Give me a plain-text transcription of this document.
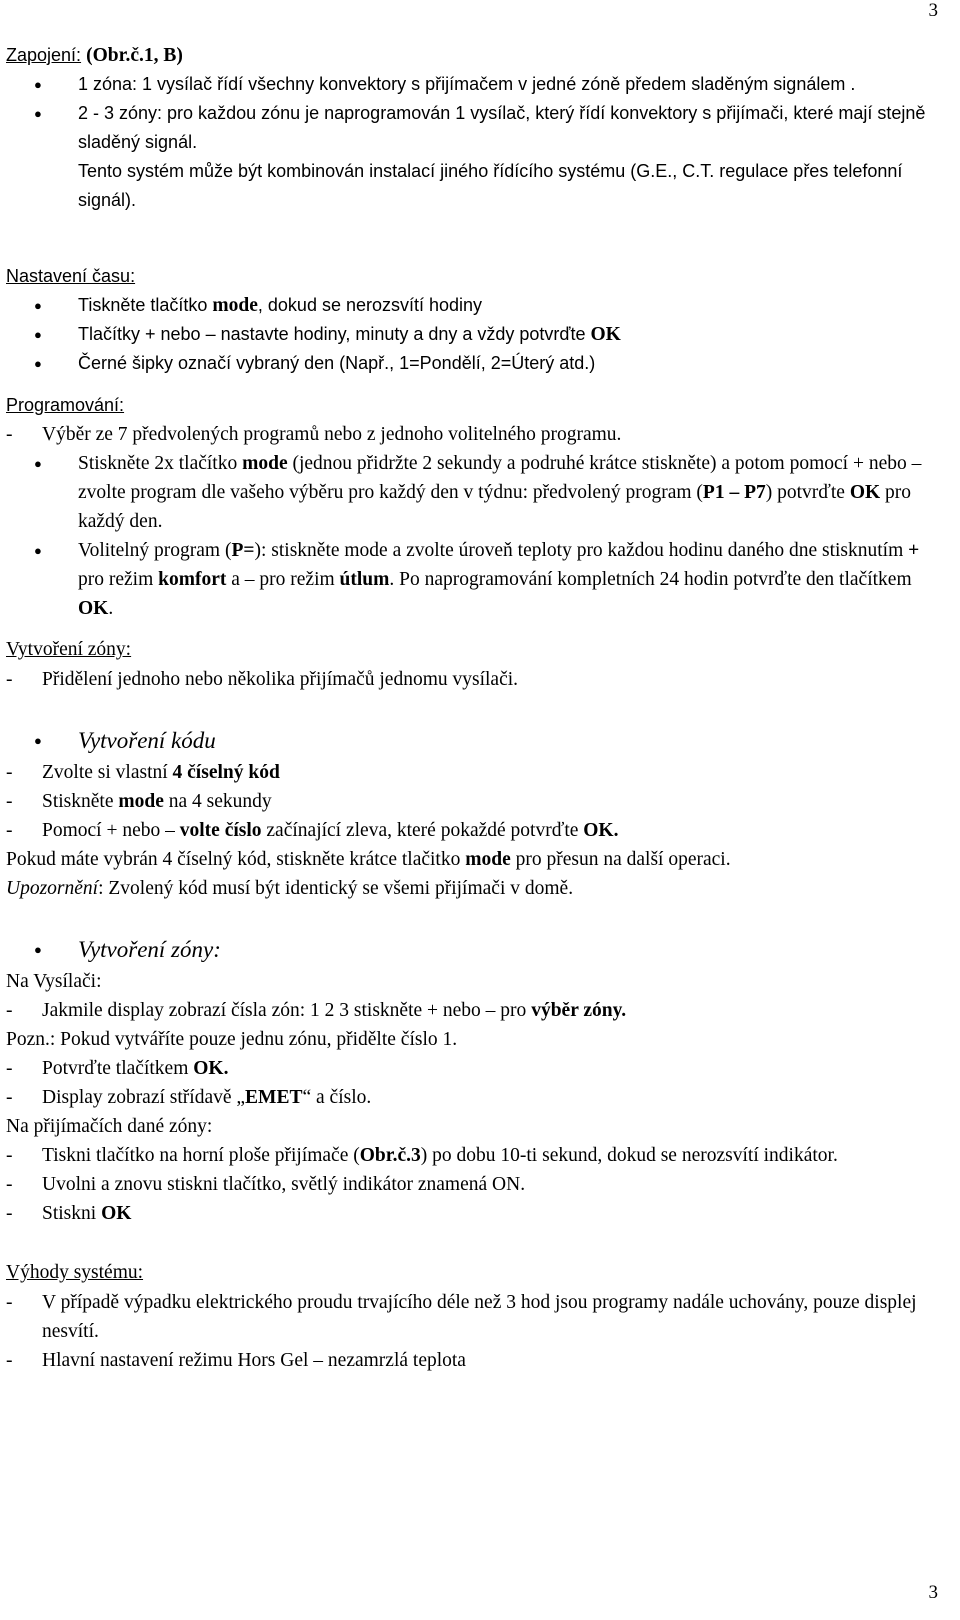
3
Zapojení: (Obr.č.1, B)
● 1 zóna: 1 vysílač řídí všechny konvektory s přijímačem v jedné zóně předem sladěným signálem .
● 2 - 3 zóny: pro každou zónu je naprogramován 1 vysílač, který řídí konvektory s přijímači, které mají stejně sladěný signál.
Tento systém může být kombinován instalací jiného řídícího systému (G.E., C.T. regulace přes telefonní signál).
Nastavení času:
● Tiskněte tlačítko mode, dokud se nerozsvítí hodiny
● Tlačítky + nebo – nastavte hodiny, minuty a dny a vždy potvrďte OK
● Černé šipky označí vybraný den (Např., 1=Pondělí, 2=Úterý atd.)
Programování:
- Výběr ze 7 předvolených programů nebo z jednoho volitelného programu.
● Stiskněte 2x tlačítko mode (jednou přidržte 2 sekundy a podruhé krátce stiskněte) a potom pomocí + nebo – zvolte program dle vašeho výběru pro každý den v týdnu: předvolený program (P1 – P7) potvrďte OK pro každý den.
● Volitelný program (P=): stiskněte mode a zvolte úroveň teploty pro každou hodinu daného dne stisknutím + pro režim komfort a – pro režim útlum. Po naprogramování kompletních 24 hodin potvrďte den tlačítkem OK.
Vytvoření zóny:
- Přidělení jednoho nebo několika přijímačů jednomu vysílači.
● Vytvoření kódu
- Zvolte si vlastní 4 číselný kód
- Stiskněte mode na 4 sekundy
- Pomocí + nebo – volte číslo začínající zleva, které pokaždé potvrďte OK.
Pokud máte vybrán 4 číselný kód, stiskněte krátce tlačitko mode pro přesun na další operaci.
Upozornění: Zvolený kód musí být identický se všemi přijímači v domě.
● Vytvoření zóny:
Na Vysílači:
- Jakmile display zobrazí čísla zón: 1 2 3 stiskněte + nebo – pro výběr zóny.
Pozn.: Pokud vytváříte pouze jednu zónu, přidělte číslo 1.
- Potvrďte tlačítkem OK.
- Display zobrazí střídavě „EMET“ a číslo.
Na přijímačích dané zóny:
- Tiskni tlačítko na horní ploše přijímače (Obr.č.3) po dobu 10-ti sekund, dokud se nerozsvítí indikátor.
- Uvolni a znovu stiskni tlačítko, světlý indikátor znamená ON.
- Stiskni OK
Výhody systému:
- V případě výpadku elektrického proudu trvajícího déle než 3 hod jsou programy nadále uchovány, pouze displej nesvítí.
- Hlavní nastavení režimu Hors Gel – nezamrzlá teplota
3
